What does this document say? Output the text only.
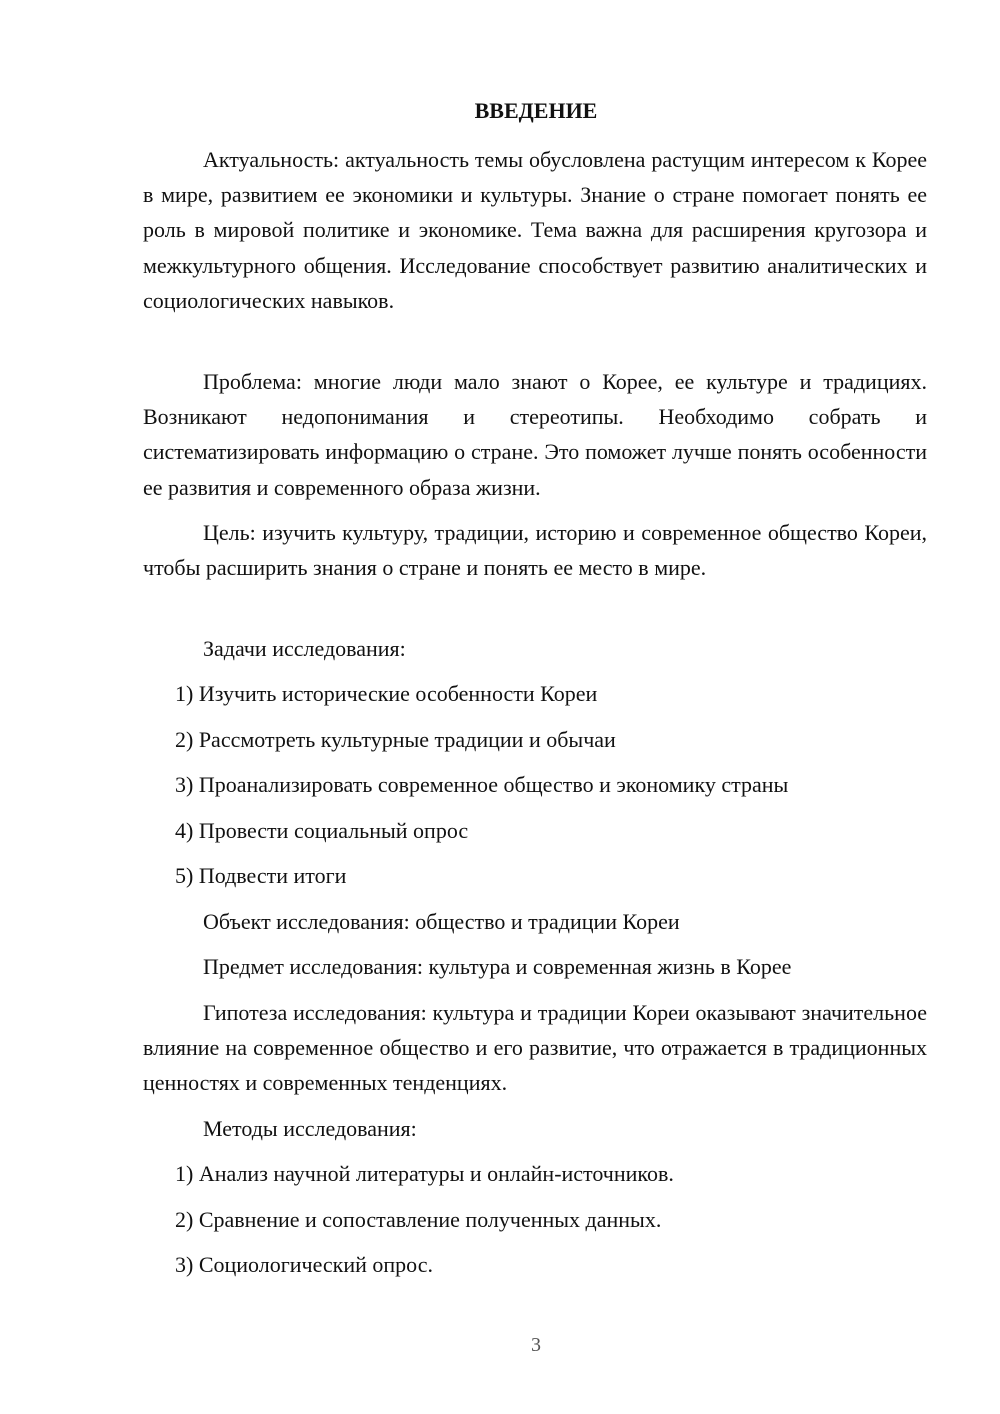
ВВЕДЕНИЕ

Актуальность: актуальность темы обусловлена растущим интересом к Корее в мире, развитием ее экономики и культуры. Знание о стране помогает понять ее роль в мировой политике и экономике. Тема важна для расширения кругозора и межкультурного общения. Исследование способствует развитию аналитических и социологических навыков.

Проблема: многие люди мало знают о Корее, ее культуре и традициях. Возникают недопонимания и стереотипы. Необходимо собрать и систематизировать информацию о стране. Это поможет лучше понять особенности ее развития и современного образа жизни.

Цель: изучить культуру, традиции, историю и современное общество Кореи, чтобы расширить знания о стране и понять ее место в мире.

Задачи исследования:
1) Изучить исторические особенности Кореи
2) Рассмотреть культурные традиции и обычаи
3) Проанализировать современное общество и экономику страны
4) Провести социальный опрос
5) Подвести итоги
Объект исследования: общество и традиции Кореи
Предмет исследования: культура и современная жизнь в Корее

Гипотеза исследования: культура и традиции Кореи оказывают значительное влияние на современное общество и его развитие, что отражается в традиционных ценностях и современных тенденциях.

Методы исследования:
1) Анализ научной литературы и онлайн-источников.
2) Сравнение и сопоставление полученных данных.
3) Социологический опрос.
3
